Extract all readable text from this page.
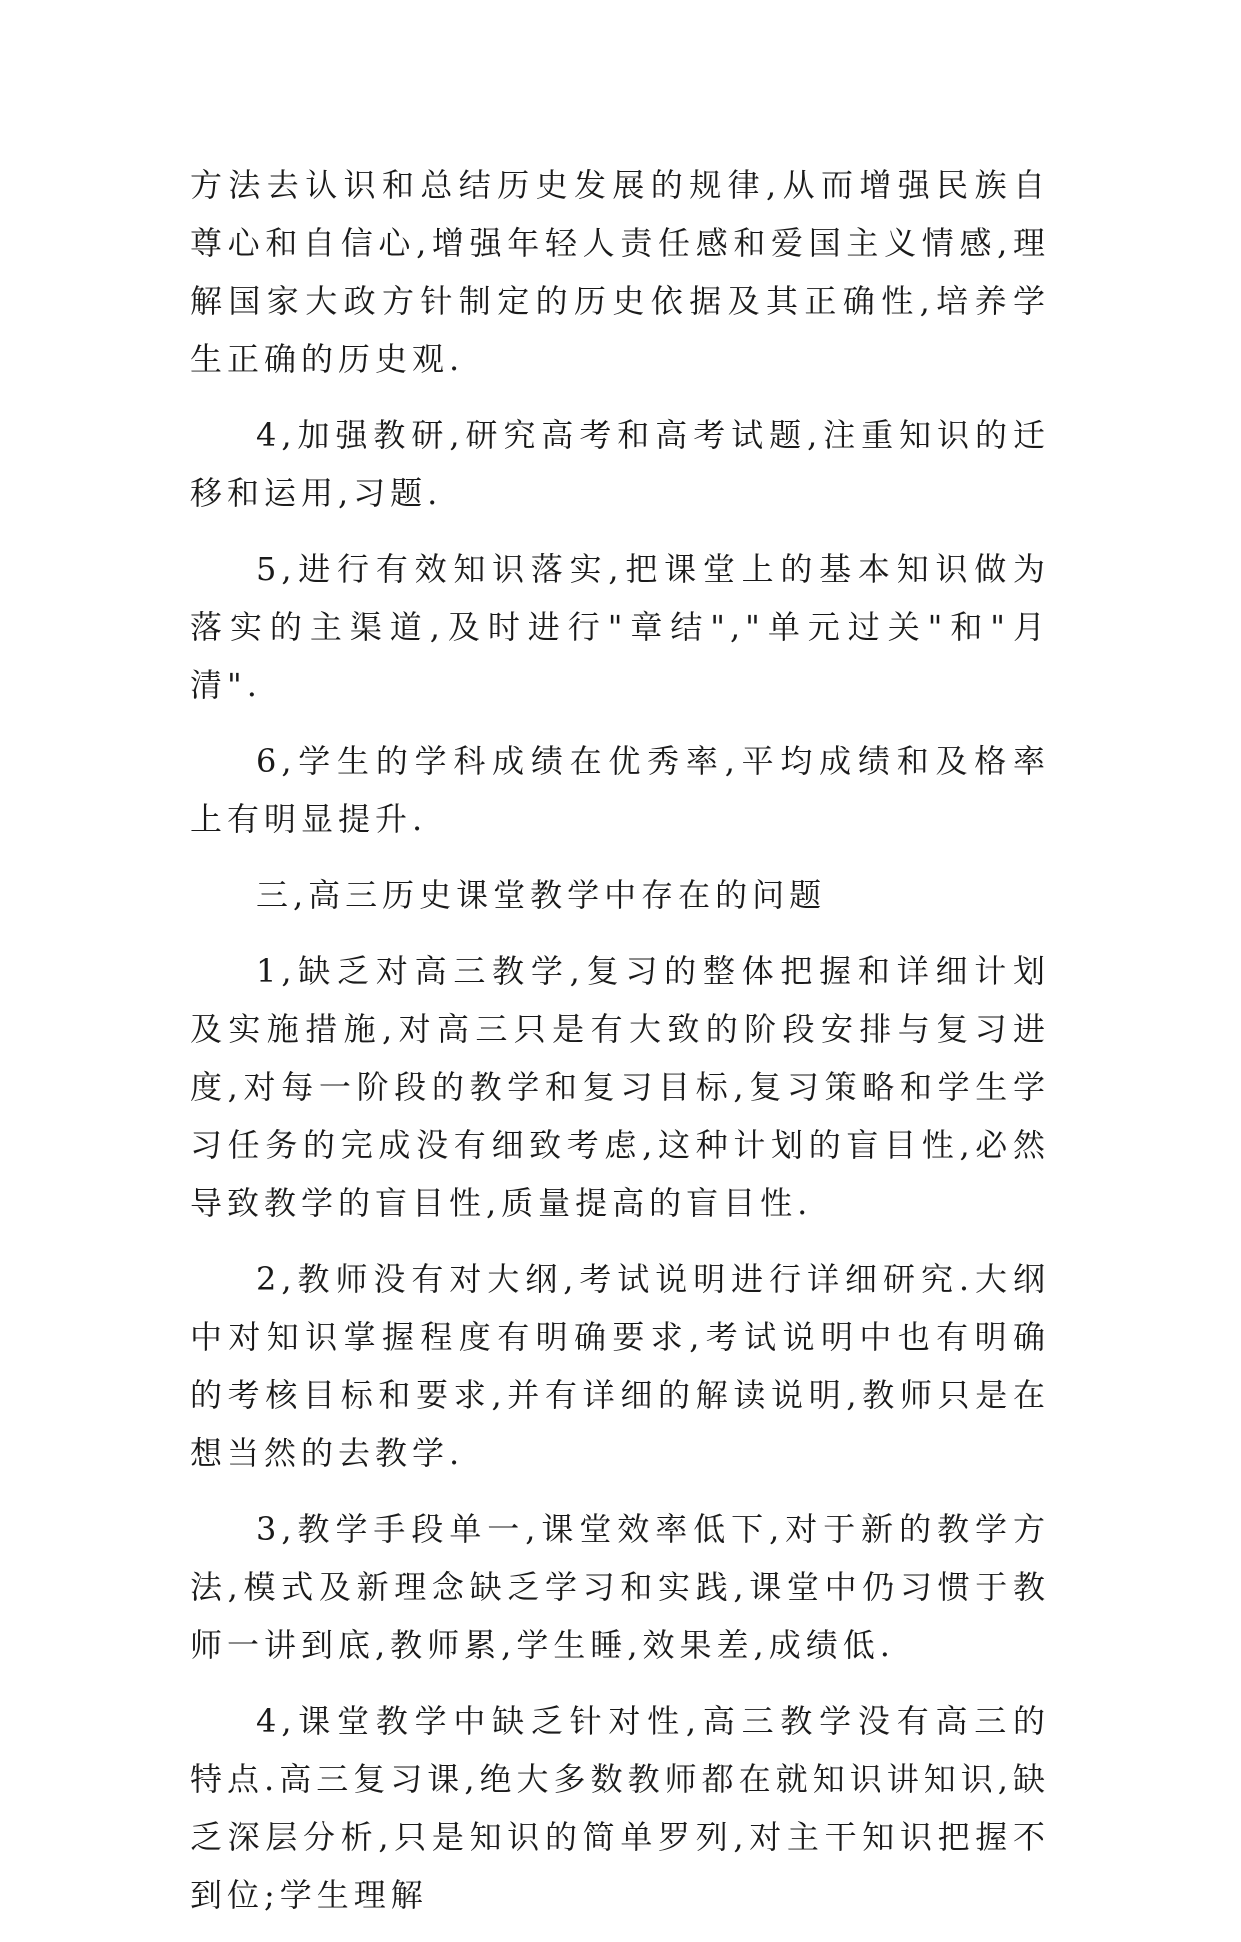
方法去认识和总结历史发展的规律,从而增强民族自尊心和自信心,增强年轻人责任感和爱国主义情感,理解国家大政方针制定的历史依据及其正确性,培养学生正确的历史观.

4,加强教研,研究高考和高考试题,注重知识的迁移和运用,习题.

5,进行有效知识落实,把课堂上的基本知识做为落实的主渠道,及时进行"章结","单元过关"和"月清".

6,学生的学科成绩在优秀率,平均成绩和及格率上有明显提升.

三,高三历史课堂教学中存在的问题

1,缺乏对高三教学,复习的整体把握和详细计划及实施措施,对高三只是有大致的阶段安排与复习进度,对每一阶段的教学和复习目标,复习策略和学生学习任务的完成没有细致考虑,这种计划的盲目性,必然导致教学的盲目性,质量提高的盲目性.

2,教师没有对大纲,考试说明进行详细研究.大纲中对知识掌握程度有明确要求,考试说明中也有明确的考核目标和要求,并有详细的解读说明,教师只是在想当然的去教学.

3,教学手段单一,课堂效率低下,对于新的教学方法,模式及新理念缺乏学习和实践,课堂中仍习惯于教师一讲到底,教师累,学生睡,效果差,成绩低.

4,课堂教学中缺乏针对性,高三教学没有高三的特点.高三复习课,绝大多数教师都在就知识讲知识,缺乏深层分析,只是知识的简单罗列,对主干知识把握不到位;学生理解
